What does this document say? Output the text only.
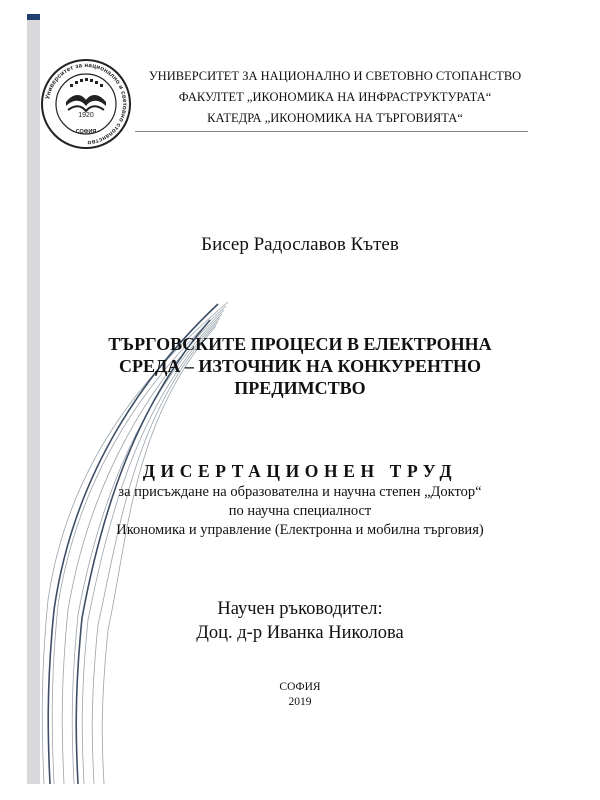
Университет за национално и световно стопанство
1920
• СОФИЯ •
УНИВЕРСИТЕТ ЗА НАЦИОНАЛНО И СВЕТОВНО СТОПАНСТВО
ФАКУЛТЕТ „ИКОНОМИКА НА ИНФРАСТРУКТУРАТА“
КАТЕДРА „ИКОНОМИКА НА ТЪРГОВИЯТА“
Бисер Радославов Кътев
ТЪРГОВСКИТЕ ПРОЦЕСИ В ЕЛЕКТРОННА
СРЕДА – ИЗТОЧНИК НА КОНКУРЕНТНО
ПРЕДИМСТВО
ДИСЕРТАЦИОНЕН ТРУД
за присъждане на образователна и научна степен „Доктор“
по научна специалност
Икономика и управление (Електронна и мобилна търговия)
Научен ръководител:
Доц. д-р Иванка Николова
СОФИЯ
2019
